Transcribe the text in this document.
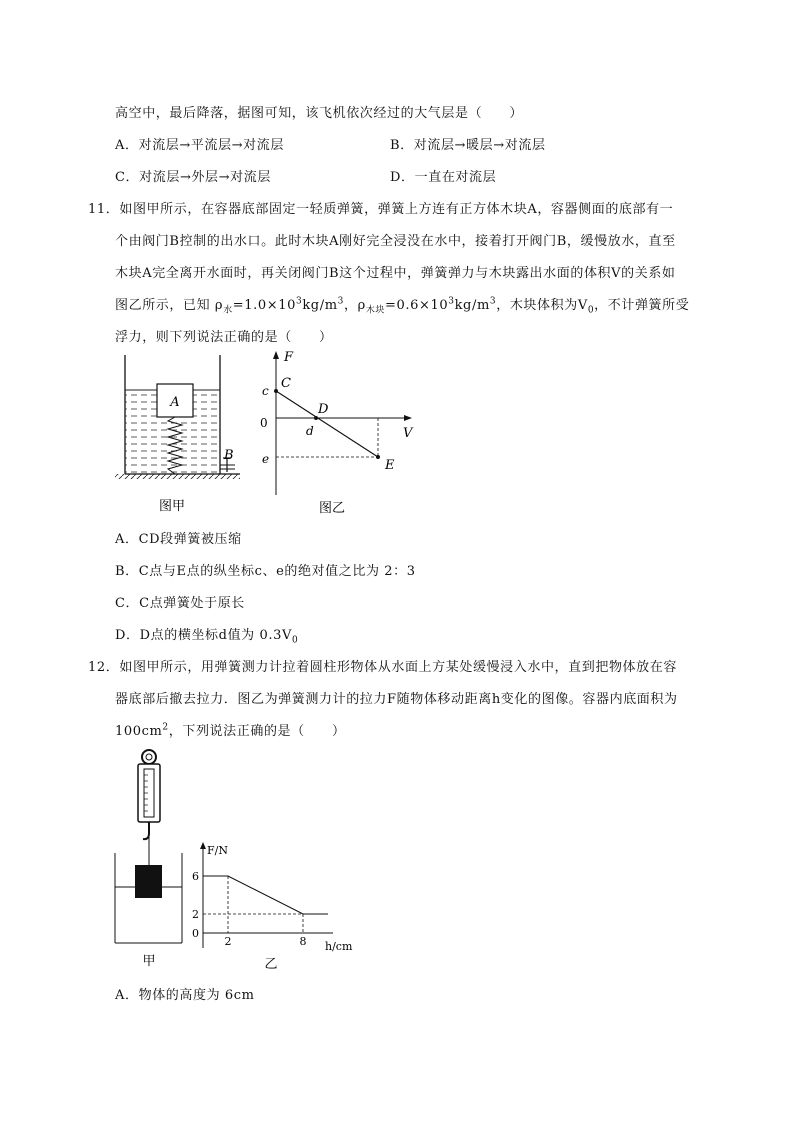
高空中，最后降落，据图可知，该飞机依次经过的大气层是（　　）
A．对流层→平流层→对流层	B．对流层→暖层→对流层
C．对流层→外层→对流层	D．一直在对流层
11．如图甲所示，在容器底部固定一轻质弹簧，弹簧上方连有正方体木块A，容器侧面的底部有一
个由阀门B控制的出水口。此时木块A刚好完全浸没在水中，接着打开阀门B，缓慢放水，直至
木块A完全离开水面时，再关闭阀门B这个过程中，弹簧弹力与木块露出水面的体积V的关系如
图乙所示，已知 $\rho_水=1.0\times 10^3kg/m^3$，$\rho_{木块}=0.6\times 10^3kg/m^3$，木块体积为$V_0$，不计弹簧所受
浮力，则下列说法正确的是（　　）
A
B
图甲
F
V
0
c C
D
d
e	E
图乙
A．CD段弹簧被压缩
B．C点与E点的纵坐标c、e的绝对值之比为 2：3
C．C点弹簧处于原长
D．D点的横坐标d值为 $0.3V_0$
12．如图甲所示，用弹簧测力计拉着圆柱形物体从水面上方某处缓慢浸入水中，直到把物体放在容
器底部后撤去拉力．图乙为弹簧测力计的拉力F随物体移动距离h变化的图像。容器内底面积为
$100cm^2$，下列说法正确的是（　　）
甲
F/N
h/cm
乙
6
2
0
2	8
A．物体的高度为 6cm
